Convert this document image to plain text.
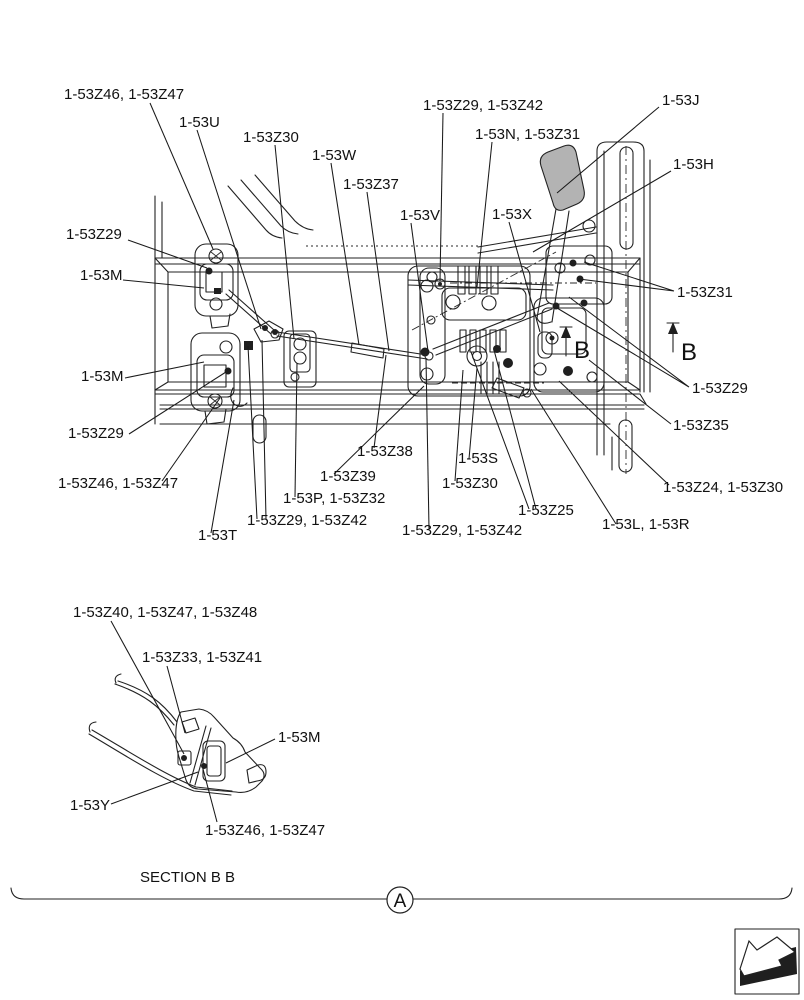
1-53Z46, 1-53Z47
1-53U
1-53Z30
1-53W
1-53Z37
1-53V
1-53Z29, 1-53Z42
1-53N, 1-53Z31
1-53J
1-53H
1-53X
1-53Z29
1-53M
1-53M
1-53Z29
1-53Z46, 1-53Z47
1-53T
1-53Z29, 1-53Z42
1-53P, 1-53Z32
1-53Z39
1-53Z38
1-53Z30
1-53S
1-53Z29, 1-53Z42
1-53Z25
1-53L, 1-53R
1-53Z24, 1-53Z30
1-53Z35
1-53Z29
1-53Z31
1-53Z40, 1-53Z47, 1-53Z48
1-53Z33, 1-53Z41
1-53M
1-53Y
1-53Z46, 1-53Z47
B	B
SECTION B B
A
